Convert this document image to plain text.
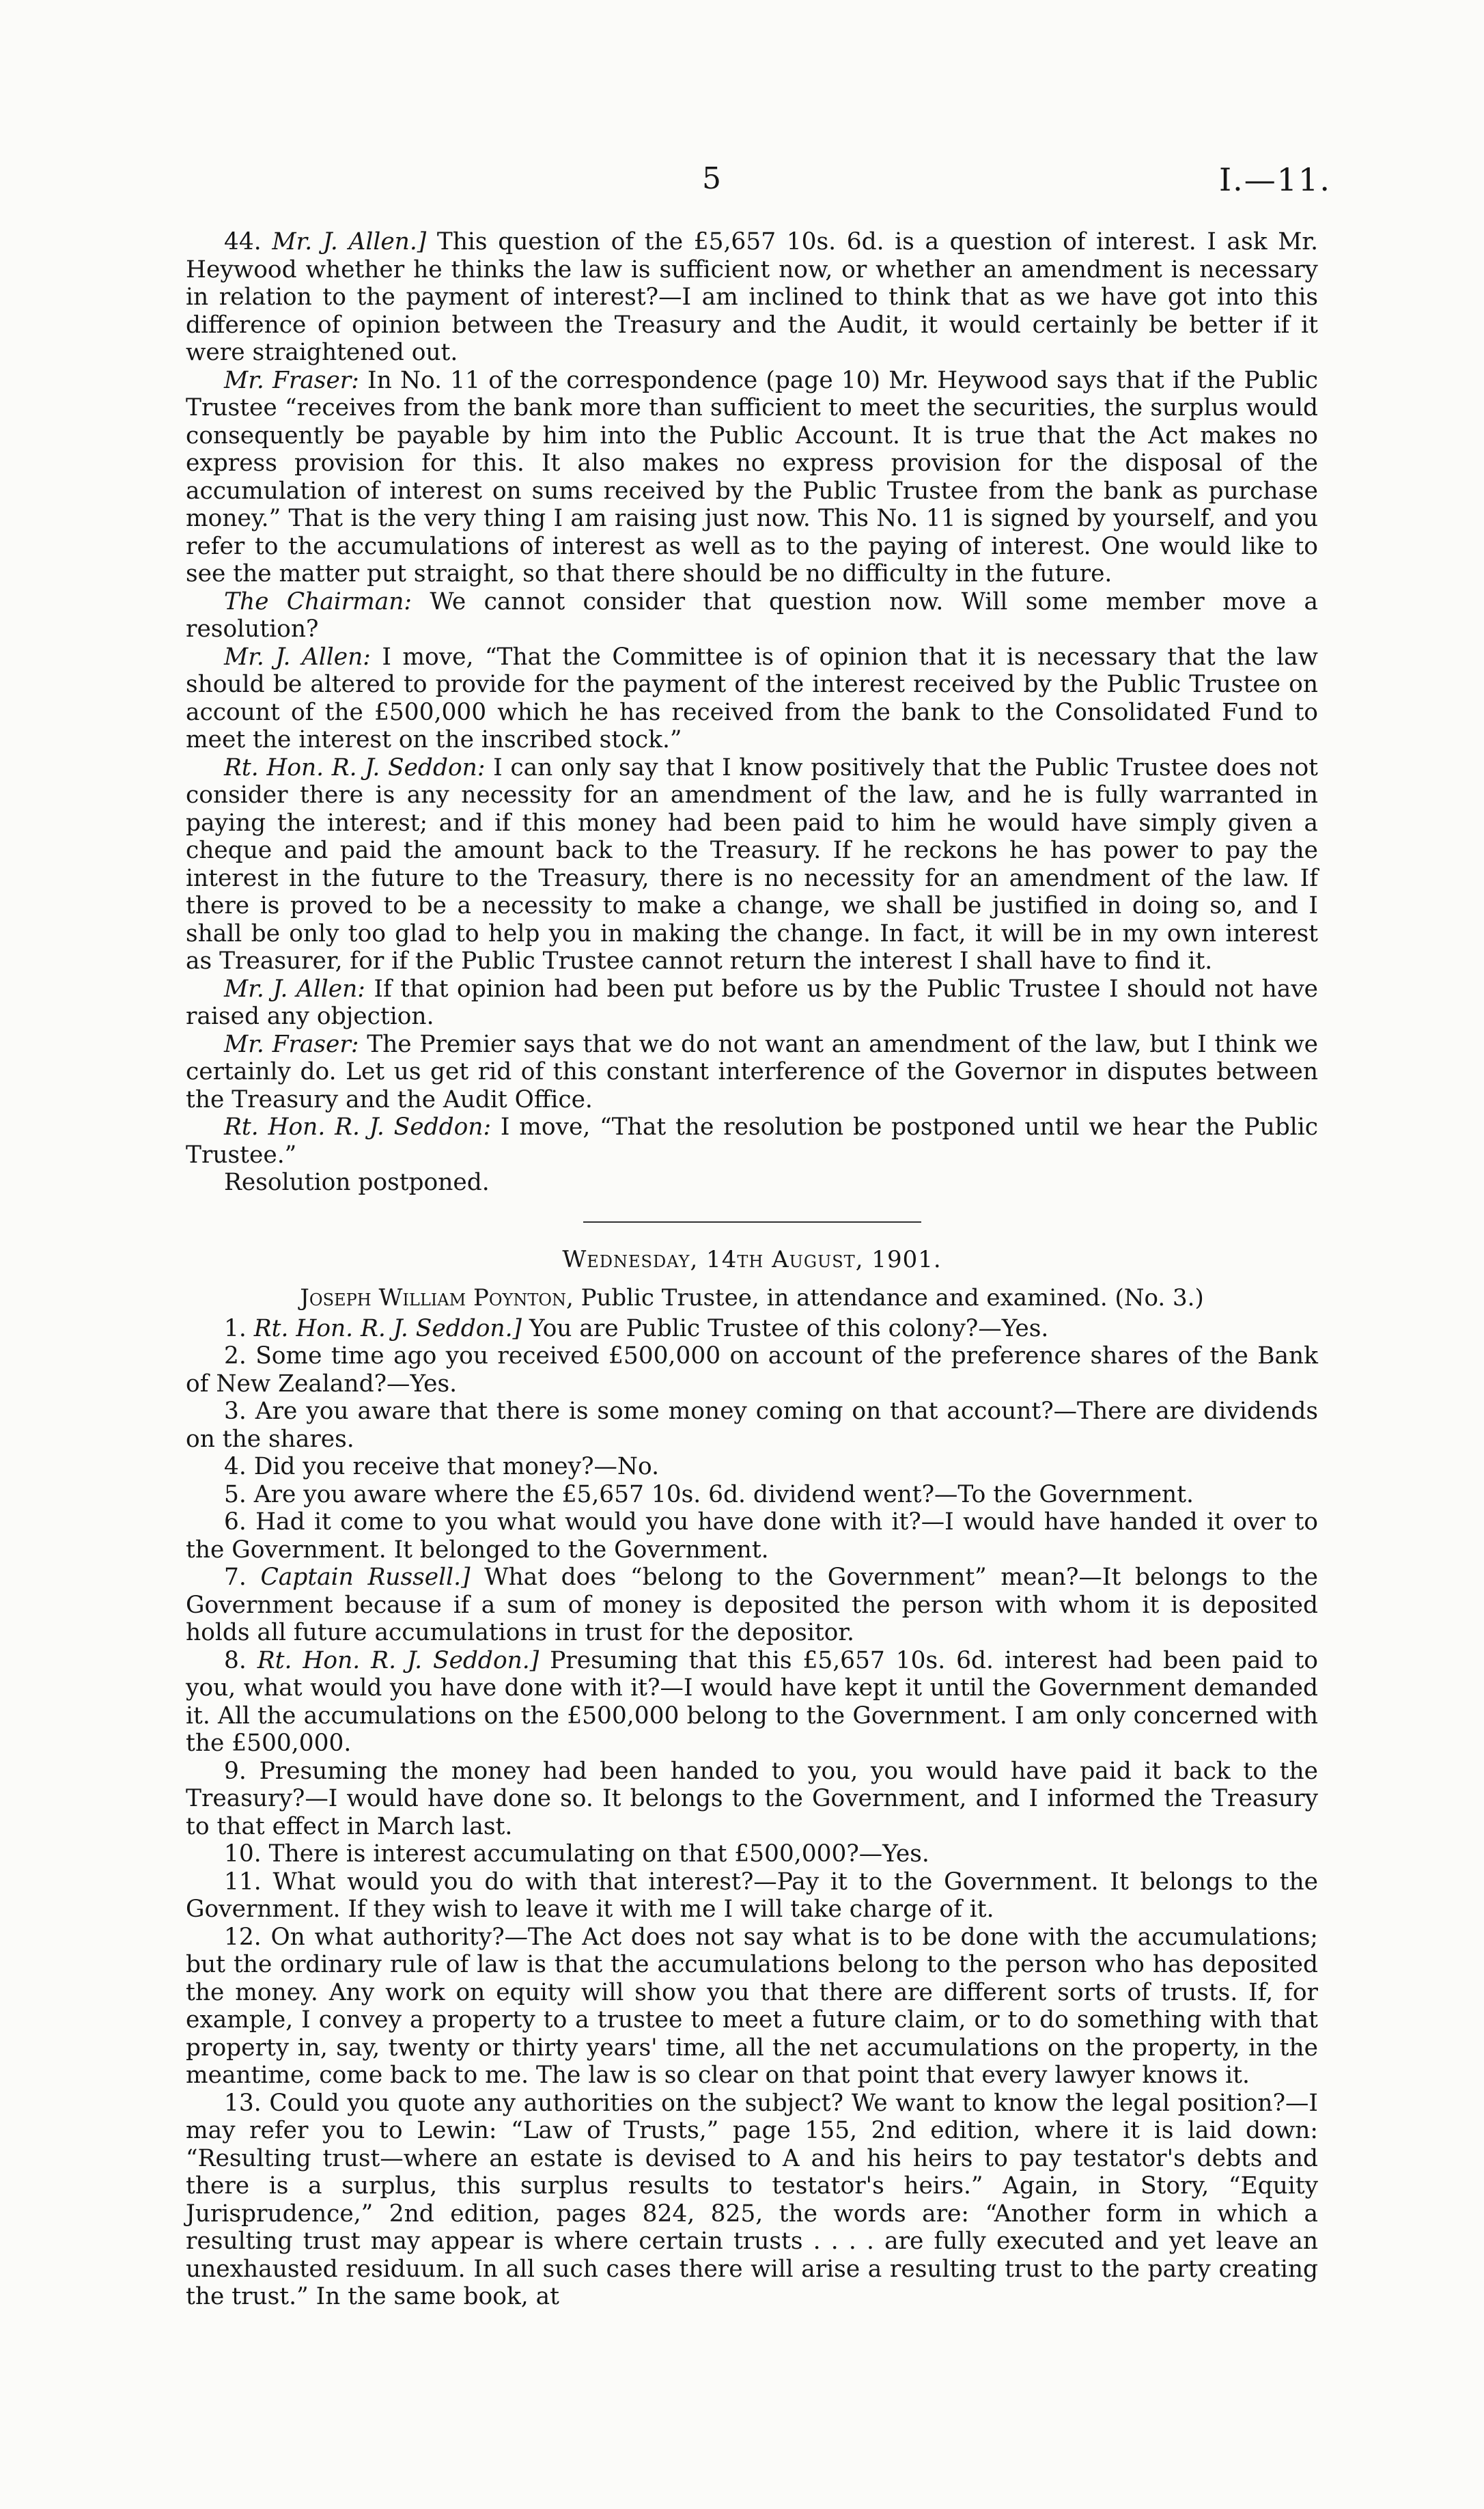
5	I.—11.

44. Mr. J. Allen.] This question of the £5,657 10s. 6d. is a question of interest. I ask Mr. Heywood whether he thinks the law is sufficient now, or whether an amendment is necessary in relation to the payment of interest?—I am inclined to think that as we have got into this difference of opinion between the Treasury and the Audit, it would certainly be better if it were straightened out.

Mr. Fraser: In No. 11 of the correspondence (page 10) Mr. Heywood says that if the Public Trustee “receives from the bank more than sufficient to meet the securities, the surplus would consequently be payable by him into the Public Account. It is true that the Act makes no express provision for this. It also makes no express provision for the disposal of the accumulation of interest on sums received by the Public Trustee from the bank as purchase money.” That is the very thing I am raising just now. This No. 11 is signed by yourself, and you refer to the accumulations of interest as well as to the paying of interest. One would like to see the matter put straight, so that there should be no difficulty in the future.

The Chairman: We cannot consider that question now. Will some member move a resolution?

Mr. J. Allen: I move, “That the Committee is of opinion that it is necessary that the law should be altered to provide for the payment of the interest received by the Public Trustee on account of the £500,000 which he has received from the bank to the Consolidated Fund to meet the interest on the inscribed stock.”

Rt. Hon. R. J. Seddon: I can only say that I know positively that the Public Trustee does not consider there is any necessity for an amendment of the law, and he is fully warranted in paying the interest; and if this money had been paid to him he would have simply given a cheque and paid the amount back to the Treasury. If he reckons he has power to pay the interest in the future to the Treasury, there is no necessity for an amendment of the law. If there is proved to be a necessity to make a change, we shall be justified in doing so, and I shall be only too glad to help you in making the change. In fact, it will be in my own interest as Treasurer, for if the Public Trustee cannot return the interest I shall have to find it.

Mr. J. Allen: If that opinion had been put before us by the Public Trustee I should not have raised any objection.

Mr. Fraser: The Premier says that we do not want an amendment of the law, but I think we certainly do. Let us get rid of this constant interference of the Governor in disputes between the Treasury and the Audit Office.

Rt. Hon. R. J. Seddon: I move, “That the resolution be postponed until we hear the Public Trustee.”

Resolution postponed.

Wednesday, 14th August, 1901.

Joseph William Poynton, Public Trustee, in attendance and examined. (No. 3.)

1. Rt. Hon. R. J. Seddon.] You are Public Trustee of this colony?—Yes.

2. Some time ago you received £500,000 on account of the preference shares of the Bank of New Zealand?—Yes.

3. Are you aware that there is some money coming on that account?—There are dividends on the shares.

4. Did you receive that money?—No.

5. Are you aware where the £5,657 10s. 6d. dividend went?—To the Government.

6. Had it come to you what would you have done with it?—I would have handed it over to the Government. It belonged to the Government.

7. Captain Russell.] What does “belong to the Government” mean?—It belongs to the Government because if a sum of money is deposited the person with whom it is deposited holds all future accumulations in trust for the depositor.

8. Rt. Hon. R. J. Seddon.] Presuming that this £5,657 10s. 6d. interest had been paid to you, what would you have done with it?—I would have kept it until the Government demanded it. All the accumulations on the £500,000 belong to the Government. I am only concerned with the £500,000.

9. Presuming the money had been handed to you, you would have paid it back to the Treasury?—I would have done so. It belongs to the Government, and I informed the Treasury to that effect in March last.

10. There is interest accumulating on that £500,000?—Yes.

11. What would you do with that interest?—Pay it to the Government. It belongs to the Government. If they wish to leave it with me I will take charge of it.

12. On what authority?—The Act does not say what is to be done with the accumulations; but the ordinary rule of law is that the accumulations belong to the person who has deposited the money. Any work on equity will show you that there are different sorts of trusts. If, for example, I convey a property to a trustee to meet a future claim, or to do something with that property in, say, twenty or thirty years' time, all the net accumulations on the property, in the meantime, come back to me. The law is so clear on that point that every lawyer knows it.

13. Could you quote any authorities on the subject? We want to know the legal position?—I may refer you to Lewin: “Law of Trusts,” page 155, 2nd edition, where it is laid down: “Resulting trust—where an estate is devised to A and his heirs to pay testator's debts and there is a surplus, this surplus results to testator's heirs.” Again, in Story, “Equity Jurisprudence,” 2nd edition, pages 824, 825, the words are: “Another form in which a resulting trust may appear is where certain trusts . . . . are fully executed and yet leave an unexhausted residuum. In all such cases there will arise a resulting trust to the party creating the trust.” In the same book, at
